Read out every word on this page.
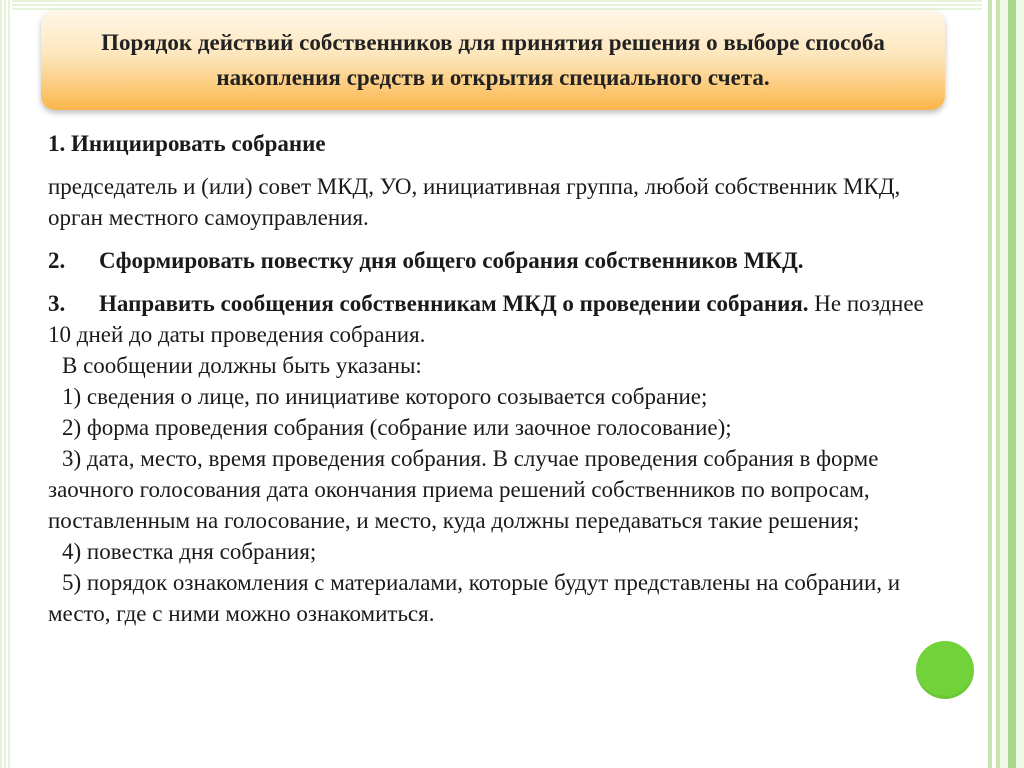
Порядок действий собственников для принятия решения о выборе способа накопления средств и открытия специального счета.

1. Инициировать собрание

председатель и (или) совет МКД, УО, инициативная группа, любой собственник МКД, орган местного самоуправления.

2. Сформировать повестку дня общего собрания собственников МКД.

3. Направить сообщения собственникам МКД о проведении собрания. Не позднее 10 дней до даты проведения собрания.

В сообщении должны быть указаны:

1) сведения о лице, по инициативе которого созывается собрание;

2) форма проведения собрания (собрание или заочное голосование);

3) дата, место, время проведения собрания. В случае проведения собрания в форме заочного голосования дата окончания приема решений собственников по вопросам, поставленным на голосование, и место, куда должны передаваться такие решения;

4) повестка дня собрания;

5) порядок ознакомления с материалами, которые будут представлены на собрании, и место, где с ними можно ознакомиться.
